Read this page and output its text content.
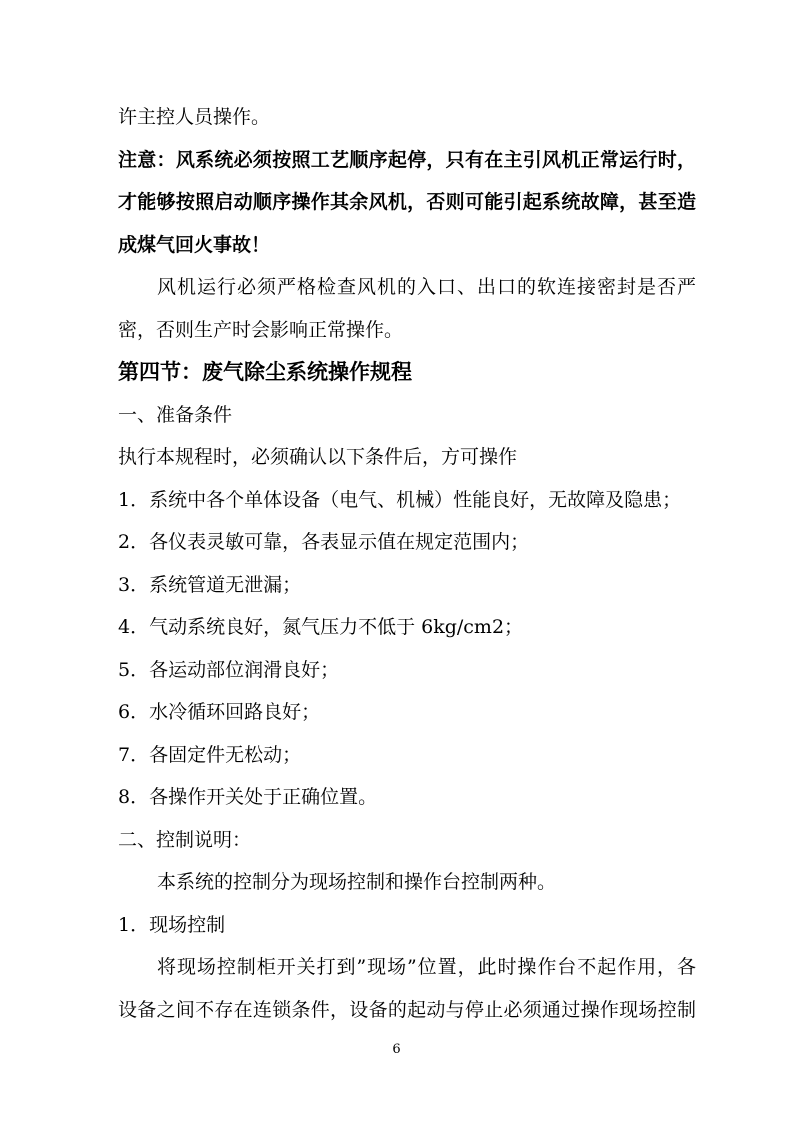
许主控人员操作。
注意：风系统必须按照工艺顺序起停，只有在主引风机正常运行时，
才能够按照启动顺序操作其余风机，否则可能引起系统故障，甚至造
成煤气回火事故！
风机运行必须严格检查风机的入口、出口的软连接密封是否严
密，否则生产时会影响正常操作。
第四节：废气除尘系统操作规程
一、准备条件
执行本规程时，必须确认以下条件后，方可操作
1．系统中各个单体设备（电气、机械）性能良好，无故障及隐患；
2．各仪表灵敏可靠，各表显示值在规定范围内；
3．系统管道无泄漏；
4．气动系统良好，氮气压力不低于 6kg/cm2；
5．各运动部位润滑良好；
6．水冷循环回路良好；
7．各固定件无松动；
8．各操作开关处于正确位置。
二、控制说明：
本系统的控制分为现场控制和操作台控制两种。
1．现场控制
将现场控制柜开关打到”现场”位置，此时操作台不起作用，各
设备之间不存在连锁条件，设备的起动与停止必须通过操作现场控制
6
